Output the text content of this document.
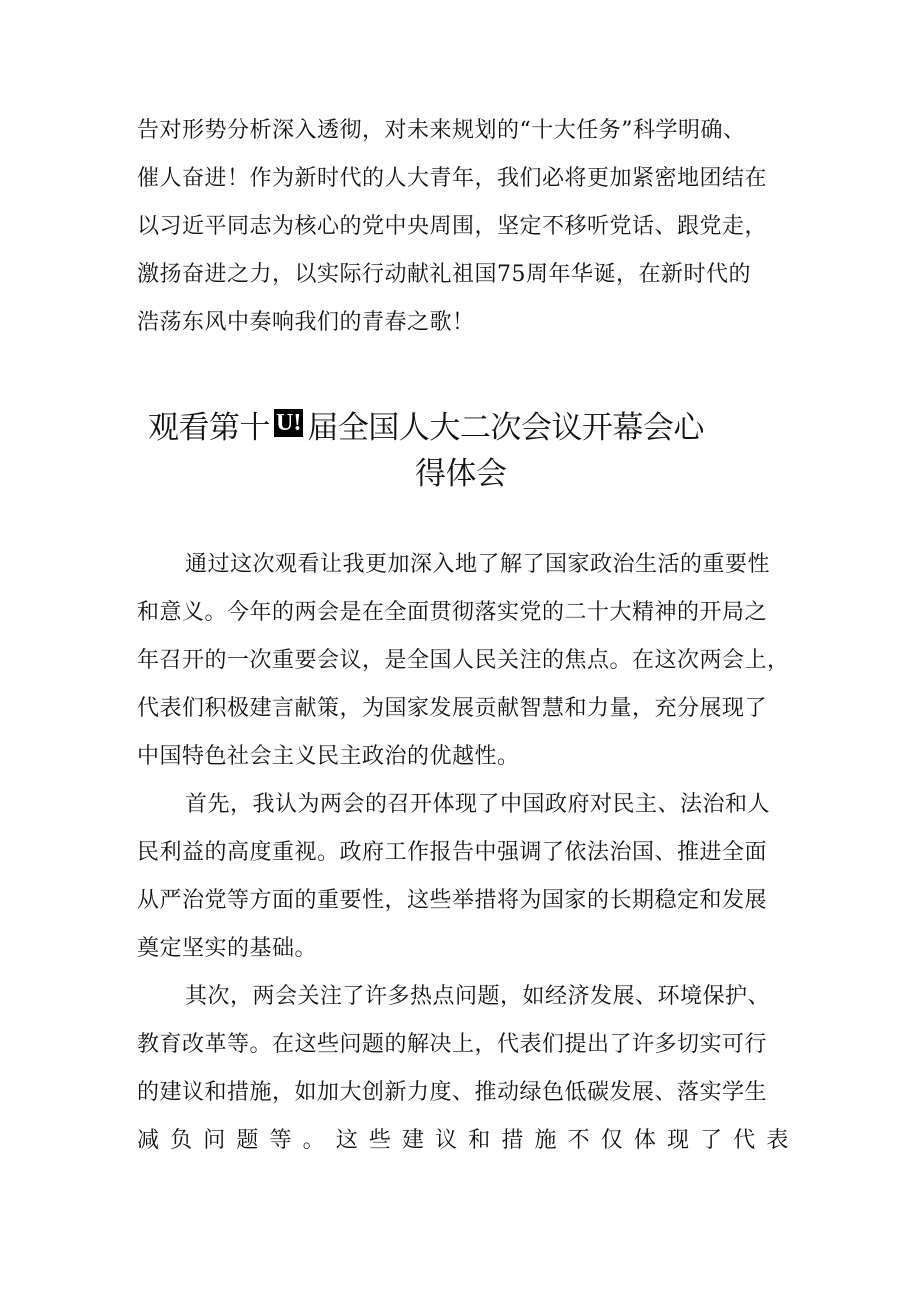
告对形势分析深入透彻，对未来规划的“十大任务”科学明确、
催人奋进！作为新时代的人大青年，我们必将更加紧密地团结在
以习近平同志为核心的党中央周围，坚定不移听党话、跟党走，
激扬奋进之力，以实际行动献礼祖国75周年华诞，在新时代的
浩荡东风中奏响我们的青春之歌！
观看第十 U! 届全国人大二次会议开幕会心
得体会
通过这次观看让我更加深入地了解了国家政治生活的重要性
和意义。今年的两会是在全面贯彻落实党的二十大精神的开局之
年召开的一次重要会议，是全国人民关注的焦点。在这次两会上，
代表们积极建言献策，为国家发展贡献智慧和力量，充分展现了
中国特色社会主义民主政治的优越性。
首先，我认为两会的召开体现了中国政府对民主、法治和人
民利益的高度重视。政府工作报告中强调了依法治国、推进全面
从严治党等方面的重要性，这些举措将为国家的长期稳定和发展
奠定坚实的基础。
其次，两会关注了许多热点问题，如经济发展、环境保护、
教育改革等。在这些问题的解决上，代表们提出了许多切实可行
的建议和措施，如加大创新力度、推动绿色低碳发展、落实学生
减 负 问 题 等 。 这 些 建 议 和 措 施 不 仅 体 现 了 代 表
